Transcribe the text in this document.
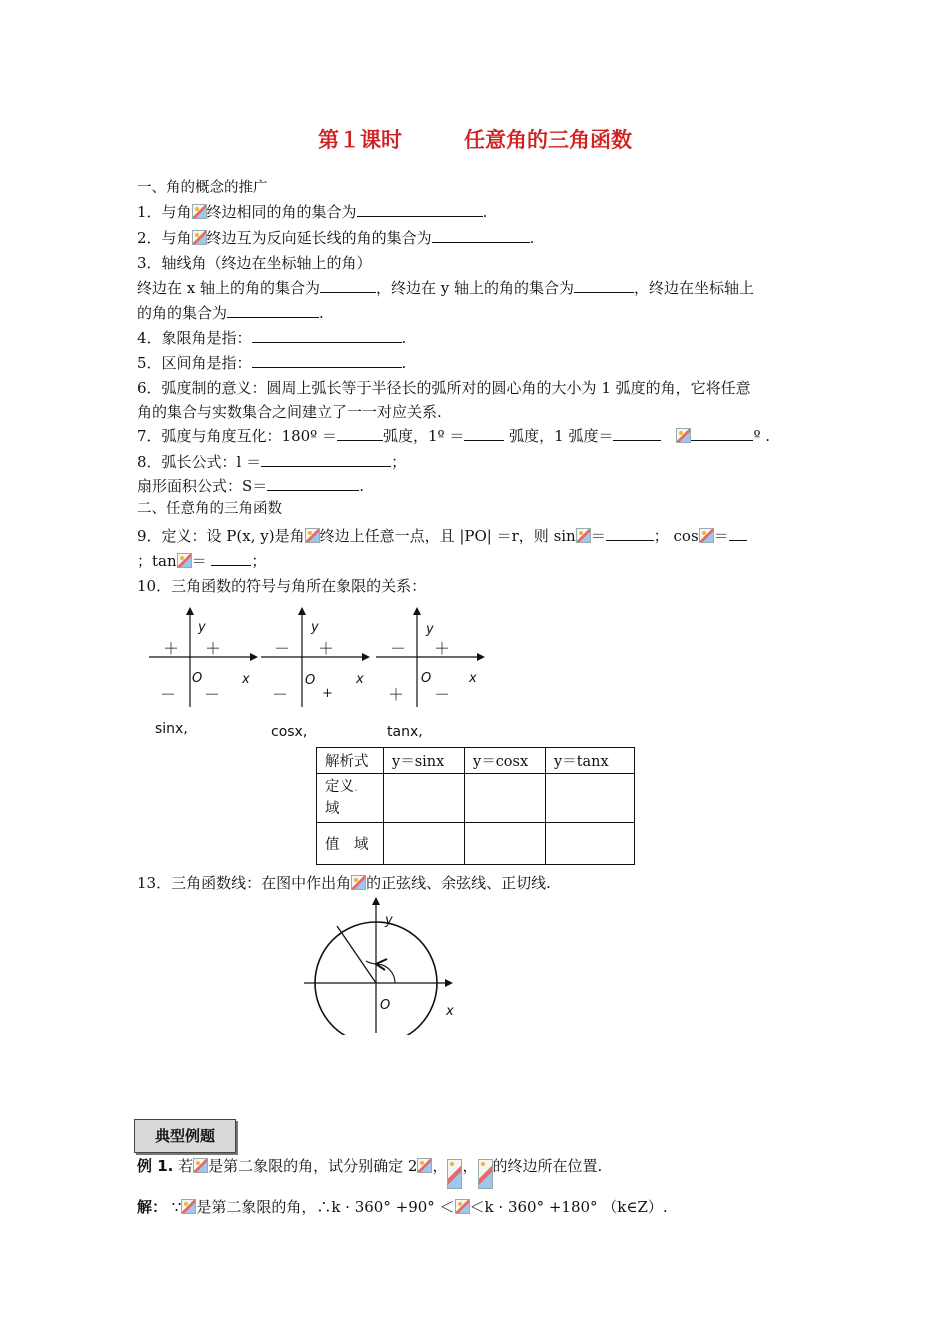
第１课时	任意角的三角函数
一、角的概念的推广
1．与角 终边相同的角的集合为	.
2．与角 终边互为反向延长线的角的集合为	.
3．轴线角（终边在坐标轴上的角）
终边在 x 轴上的角的集合为	，终边在 y 轴上的角的集合为	，终边在坐标轴上
的角的集合为	.
4．象限角是指：	.
5．区间角是指：	.
6．弧度制的意义：圆周上弧长等于半径长的弧所对的圆心角的大小为 1 弧度的角，它将任意
角的集合与实数集合之间建立了一一对应关系.
7．弧度与角度互化：180º ＝	弧度，1º ＝	弧度，1 弧度＝　	º .
8．弧长公式：l ＝	；
扇形面积公式：S＝	.
二、任意角的三角函数
9．定义：设 P(x, y)是角 终边上任意一点，且 |PO| ＝r，则 sin ＝	； cos ＝
；tan ＝	；
10．三角函数的符号与角所在象限的关系：
y
＋ ＋
－
O	x
－
sinx,
y
－ ＋
－
O	x
+
cosx,
y
－ ＋
＋
O	x
－
tanx,
解析式	y＝sinx	y＝cosx	y＝tanx
定义.
域			
值　域			
13．三角函数线：在图中作出角 的正弦线、余弦线、正切线.
y
O	x
典型例题
例 1. 若 是第二象限的角，试分别确定 2 ， ， 的终边所在位置.
解： ∵ 是第二象限的角，∴k · 360° +90° ＜ ＜k · 360° +180° （k∈Z）.
